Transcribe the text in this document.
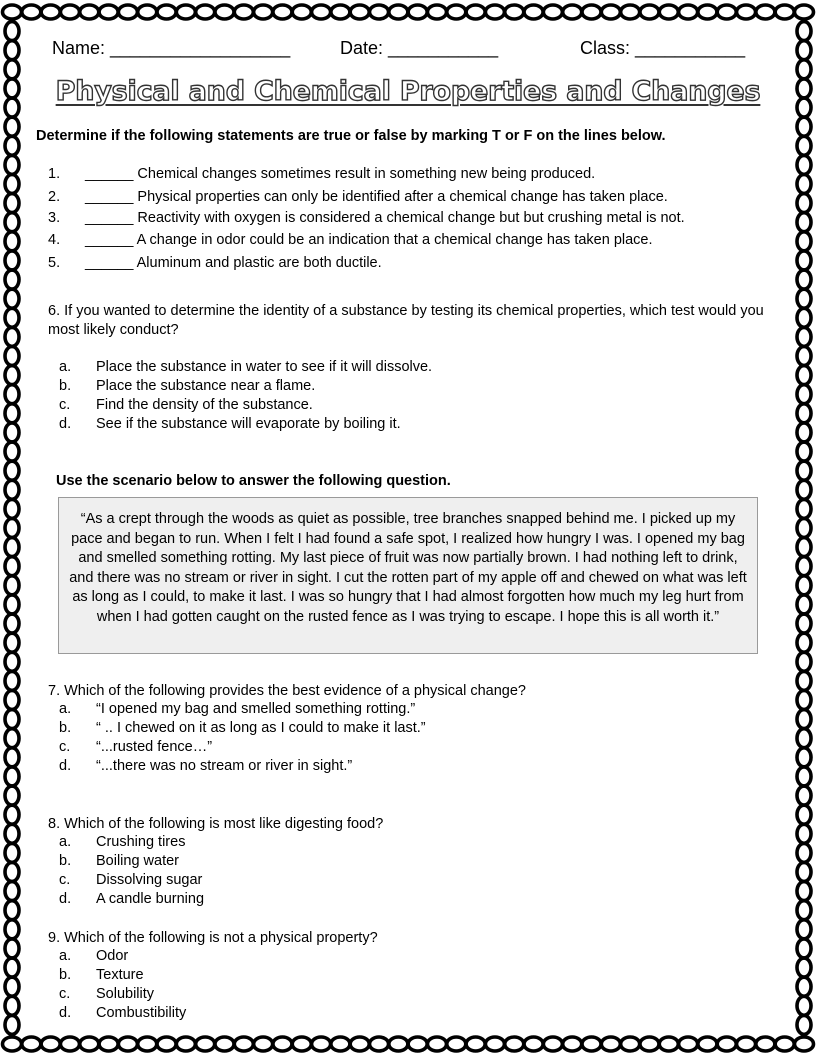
Name: __________________	Date: ___________	Class: ___________
Physical and Chemical Properties and Changes
Determine if the following statements are true or false by marking T or F on the lines below.
1. ______ Chemical changes sometimes result in something new being produced.
2. ______ Physical properties can only be identified after a chemical change has taken place.
3. ______ Reactivity with oxygen is considered a chemical change but but crushing metal is not.
4. ______ A change in odor could be an indication that a chemical change has taken place.
5. ______ Aluminum and plastic are both ductile.
6. If you wanted to determine the identity of a substance by testing its chemical properties, which test would you most likely conduct?
a. Place the substance in water to see if it will dissolve.
b. Place the substance near a flame.
c. Find the density of the substance.
d. See if the substance will evaporate by boiling it.
Use the scenario below to answer the following question.
“As a crept through the woods as quiet as possible, tree branches snapped behind me. I picked up my pace and began to run. When I felt I had found a safe spot, I realized how hungry I was. I opened my bag and smelled something rotting. My last piece of fruit was now partially brown. I had nothing left to drink, and there was no stream or river in sight. I cut the rotten part of my apple off and chewed on what was left as long as I could, to make it last. I was so hungry that I had almost forgotten how much my leg hurt from when I had gotten caught on the rusted fence as I was trying to escape. I hope this is all worth it.”
7. Which of the following provides the best evidence of a physical change?
a. “I opened my bag and smelled something rotting.”
b. “ .. I chewed on it as long as I could to make it last.”
c. “...rusted fence…”
d. “...there was no stream or river in sight.”
8. Which of the following is most like digesting food?
a. Crushing tires
b. Boiling water
c. Dissolving sugar
d. A candle burning
9. Which of the following is not a physical property?
a. Odor
b. Texture
c. Solubility
d. Combustibility
